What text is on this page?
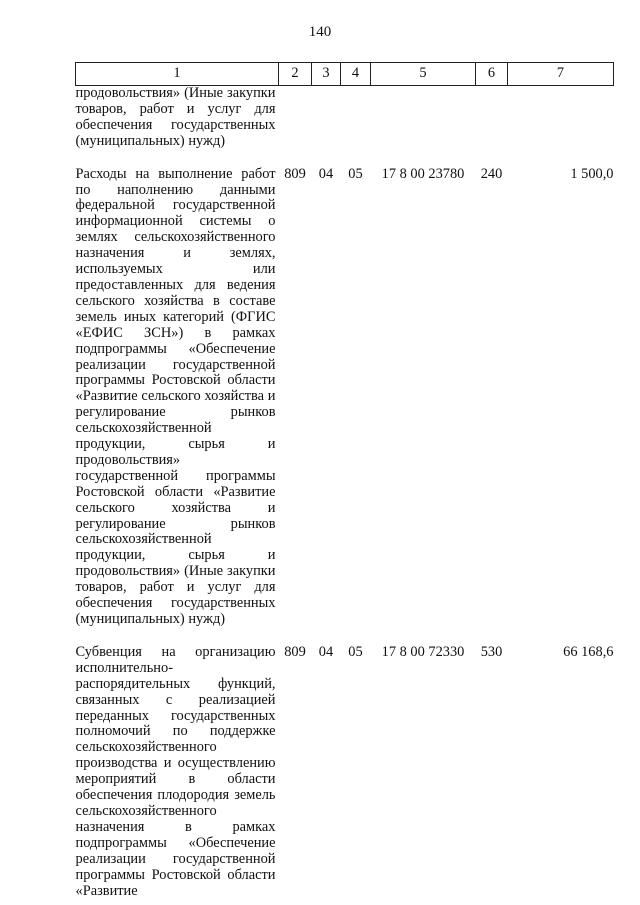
140
1	2	3	4	5	6	7
продовольствия» (Иные закупки товаров, работ и услуг для обеспечения государственных (муниципальных) нужд)						

Расходы на выполнение работ по наполнению данными федеральной государственной информационной системы о землях сельскохозяйственного назначения и землях, используемых или предоставленных для ведения сельского хозяйства в составе земель иных категорий (ФГИС «ЕФИС ЗСН») в рамках подпрограммы «Обеспечение реализации государственной программы Ростовской области «Развитие сельского хозяйства и регулирование рынков сельскохозяйственной продукции, сырья и продовольствия» государственной программы Ростовской области «Развитие сельского хозяйства и регулирование рынков сельскохозяйственной продукции, сырья и продовольствия» (Иные закупки товаров, работ и услуг для обеспечения государственных (муниципальных) нужд)	809	04	05	17 8 00 23780	240	1 500,0

Субвенция на организацию исполнительно-распорядительных функций, связанных с реализацией переданных государственных полномочий по поддержке сельскохозяйственного производства и осуществлению мероприятий в области обеспечения плодородия земель сельскохозяйственного назначения в рамках подпрограммы «Обеспечение реализации государственной программы Ростовской области «Развитие	809	04	05	17 8 00 72330	530	66 168,6
